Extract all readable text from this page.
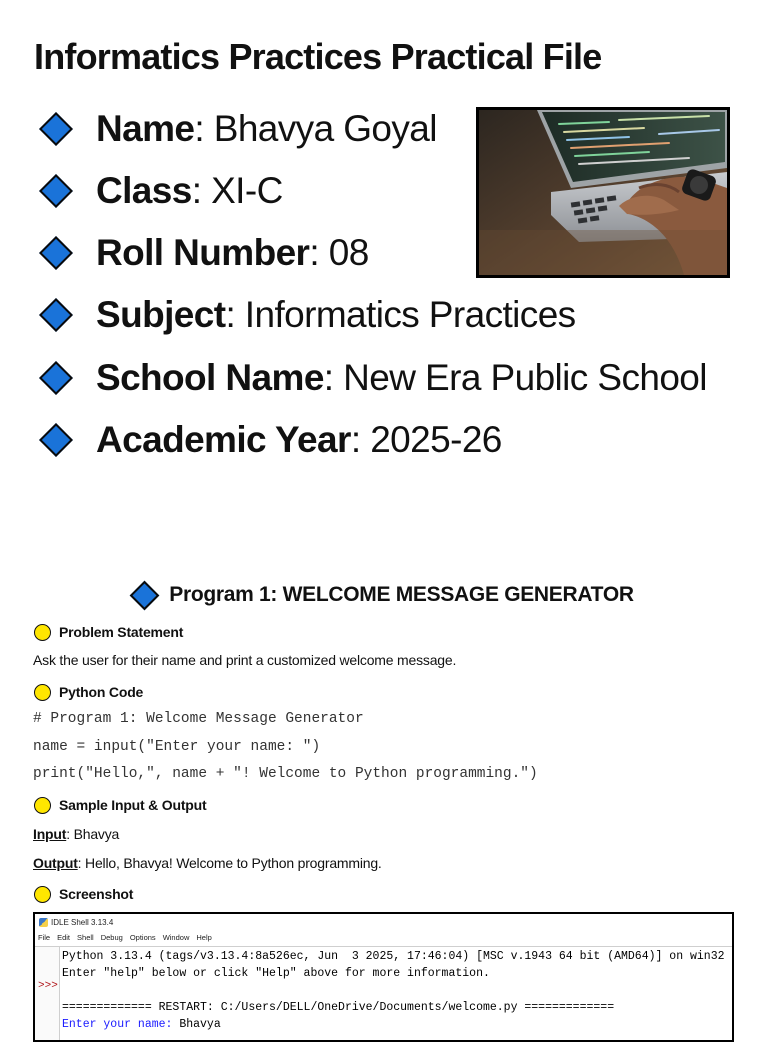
Informatics Practices Practical File
Name : Bhavya Goyal
Class : XI-C
Roll Number : 08
Subject : Informatics Practices
School Name : New Era Public School
Academic Year : 2025-26
Program 1: WELCOME MESSAGE GENERATOR
Problem Statement
Ask the user for their name and print a customized welcome message.
Python Code
# Program 1: Welcome Message Generator
name = input("Enter your name: ")
print("Hello,", name + "! Welcome to Python programming.")
Sample Input & Output
Input: Bhavya
Output: Hello, Bhavya! Welcome to Python programming.
Screenshot
IDLE Shell 3.13.4
File Edit Shell Debug Options Window Help
>>>
Python 3.13.4 (tags/v3.13.4:8a526ec, Jun  3 2025, 17:46:04) [MSC v.1943 64 bit (AMD64)] on win32
Enter "help" below or click "Help" above for more information.
============= RESTART: C:/Users/DELL/OneDrive/Documents/welcome.py =============
Enter your name: Bhavya
